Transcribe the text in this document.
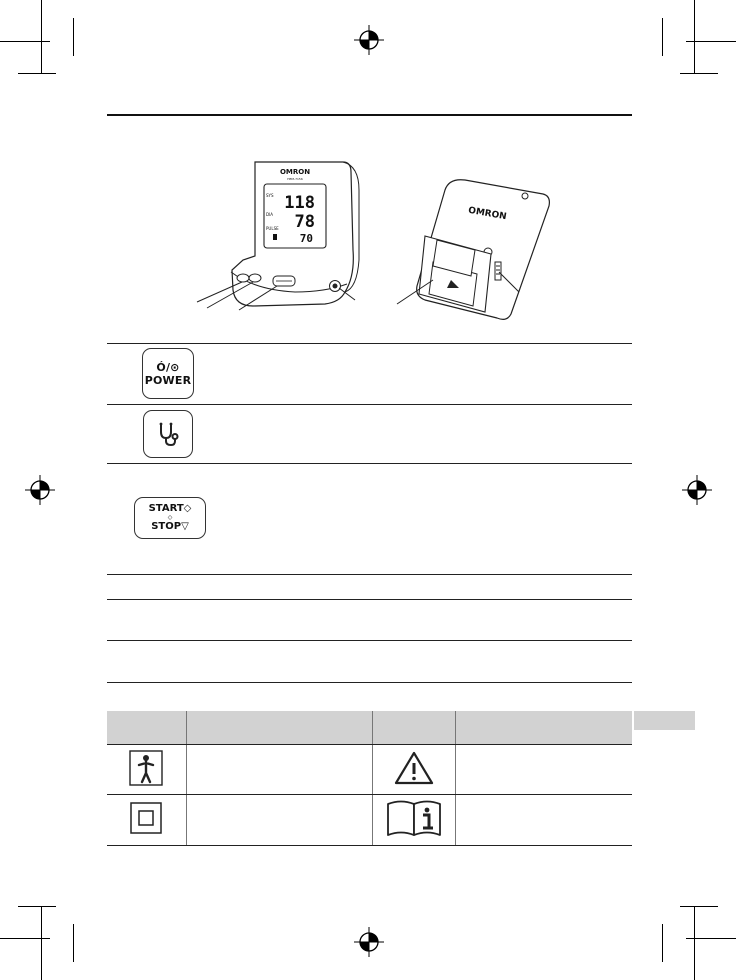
118
78
70
SYS
DIA
PULSE
OMRON
HEM-7156
OMRON
Ó/⊙
POWER
START◇
◇
STOP▽
